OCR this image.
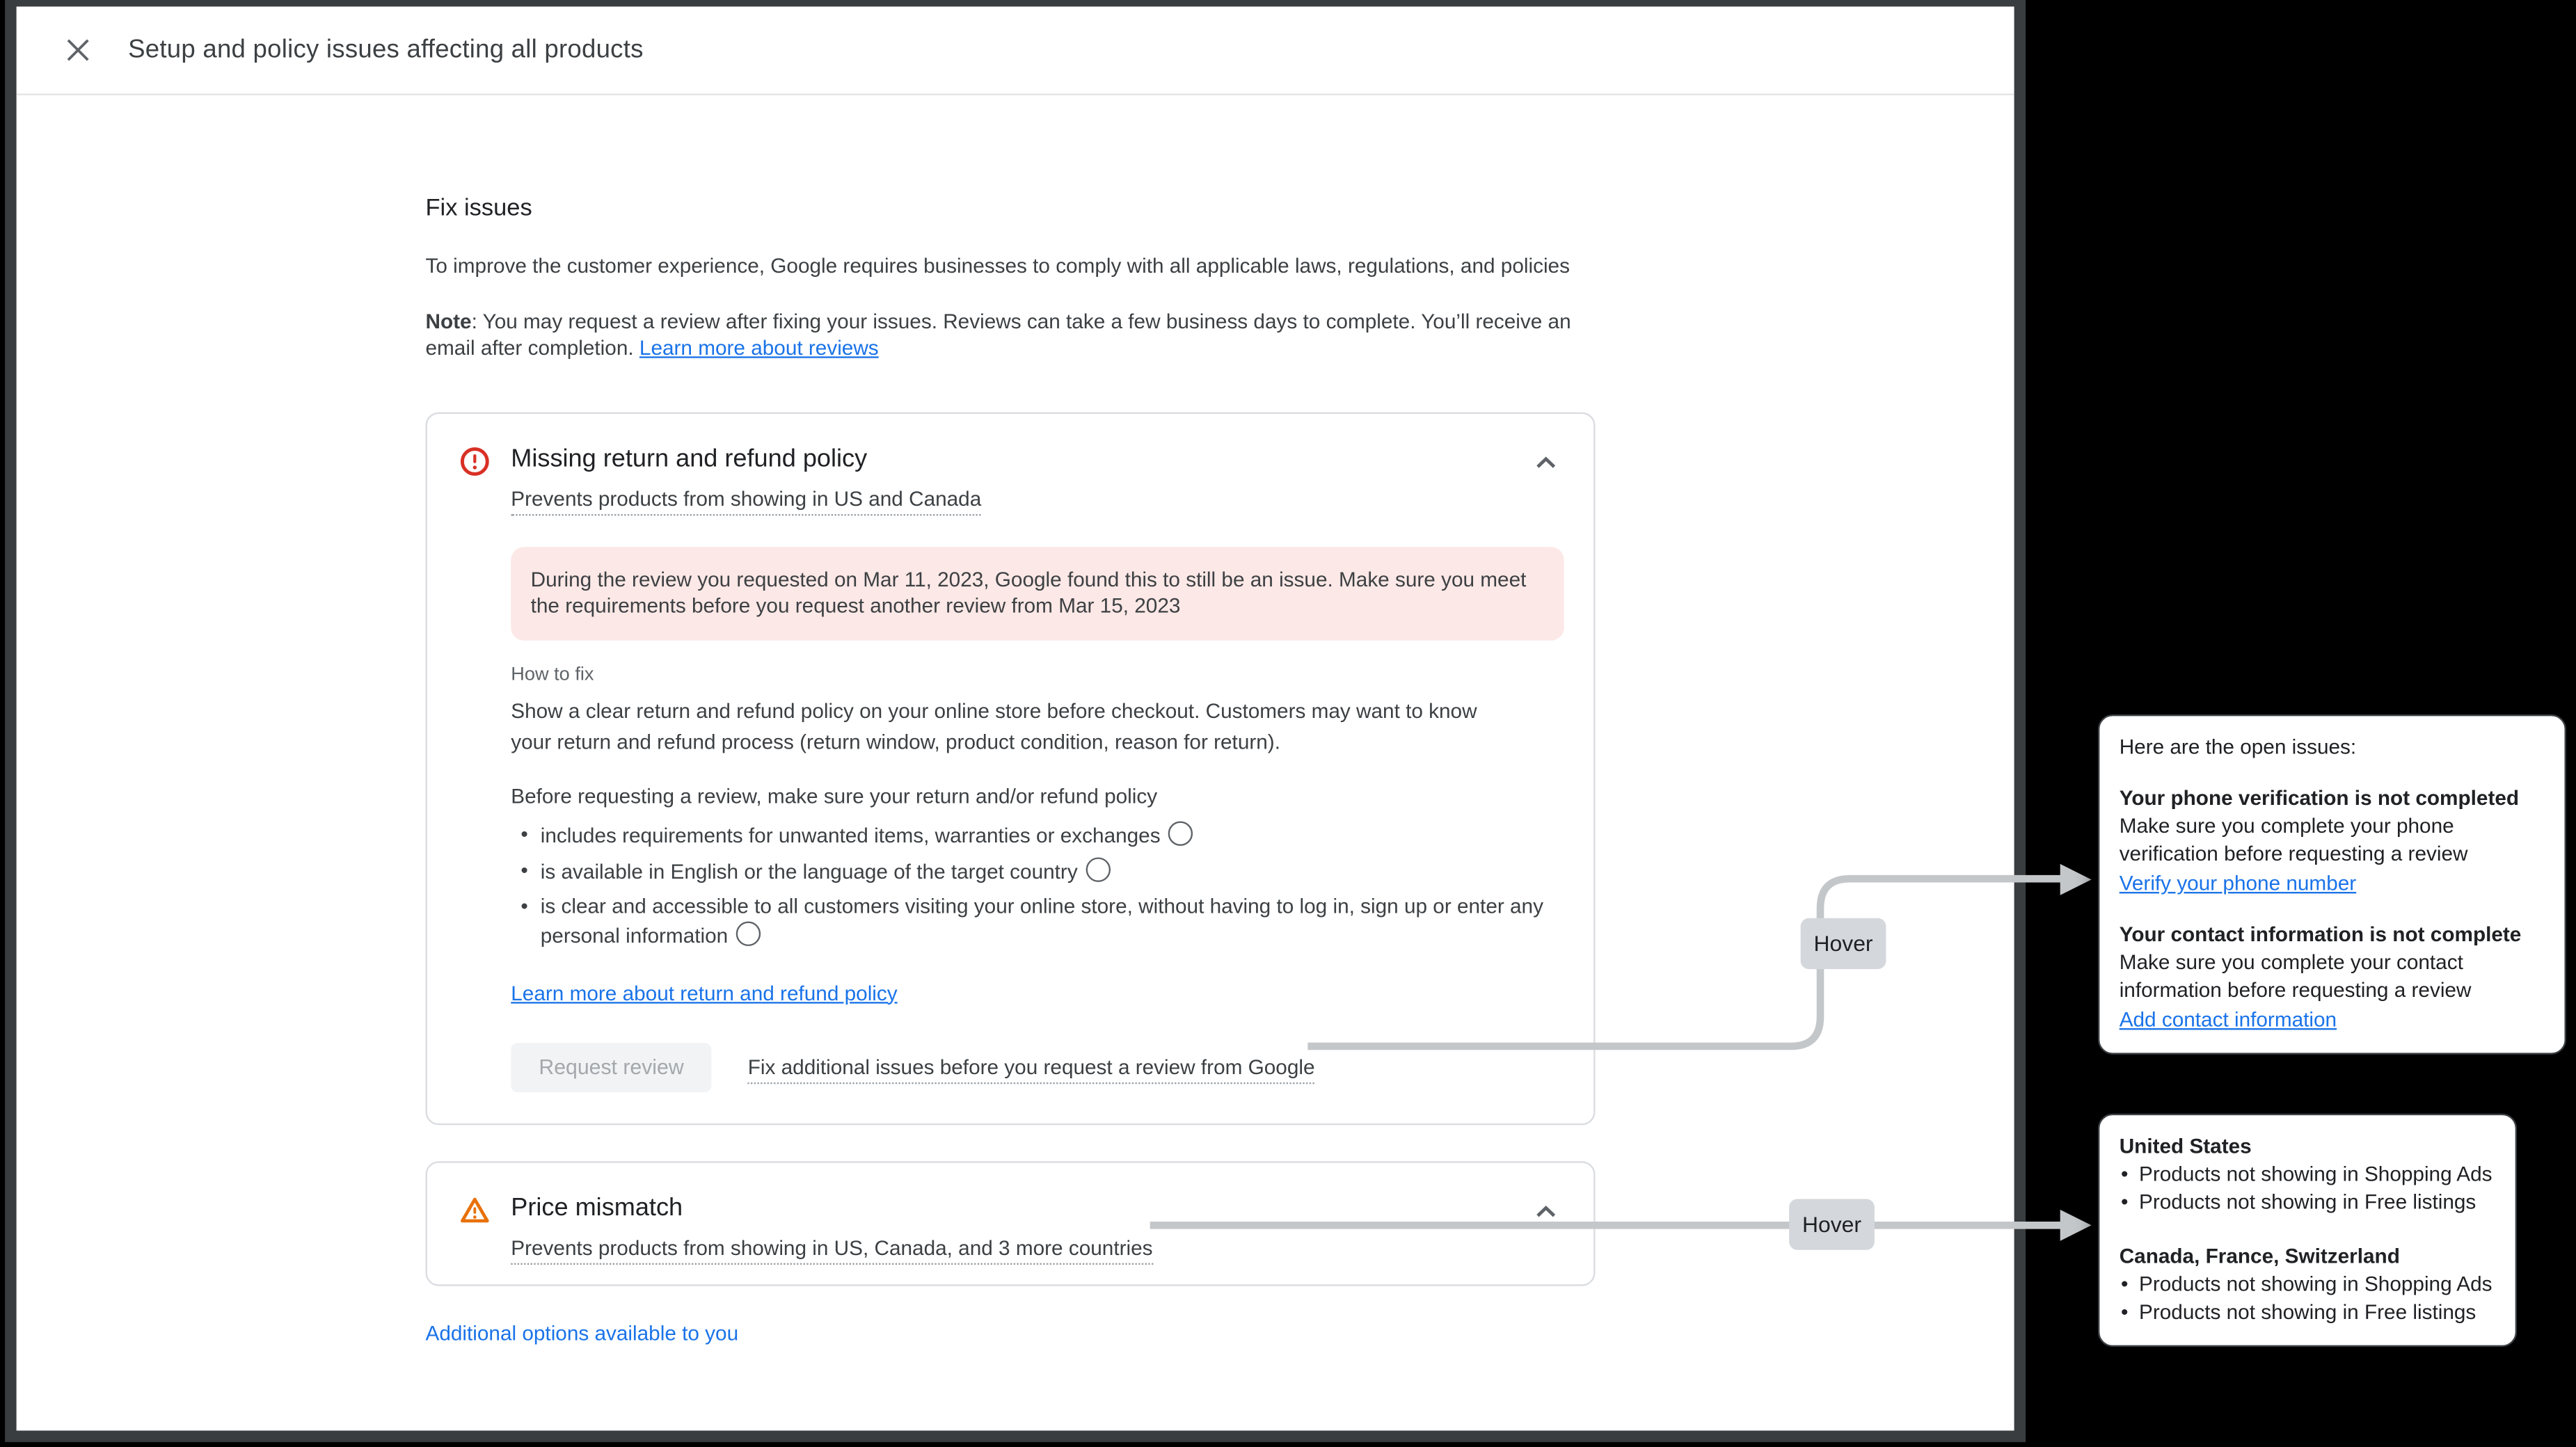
Setup and policy issues affecting all products
Fix issues

To improve the customer experience, Google requires businesses to comply with all applicable laws, regulations, and policies

Note: You may request a review after fixing your issues. Reviews can take a few business days to complete. You’ll receive an email after completion. Learn more about reviews

Missing return and refund policy
Prevents products from showing in US and Canada
During the review you requested on Mar 11, 2023, Google found this to still be an issue. Make sure you meet the requirements before you request another review from Mar 15, 2023
How to fix

Show a clear return and refund policy on your online store before checkout. Customers may want to know your return and refund process (return window, product condition, reason for return).

Before requesting a review, make sure your return and/or refund policy
• includes requirements for unwanted items, warranties or exchanges
• is available in English or the language of the target country
• is clear and accessible to all customers visiting your online store, without having to log in, sign up or enter any personal information
Learn more about return and refund policy
Request review	Fix additional issues before you request a review from Google
Price mismatch
Prevents products from showing in US, Canada, and 3 more countries
Additional options available to you
Hover
Hover

Here are the open issues:

Your phone verification is not completed
Make sure you complete your phone verification before requesting a review
Verify your phone number
Your contact information is not complete
Make sure you complete your contact information before requesting a review
Add contact information
United States
• Products not showing in Shopping Ads
• Products not showing in Free listings
Canada, France, Switzerland
• Products not showing in Shopping Ads
• Products not showing in Free listings
